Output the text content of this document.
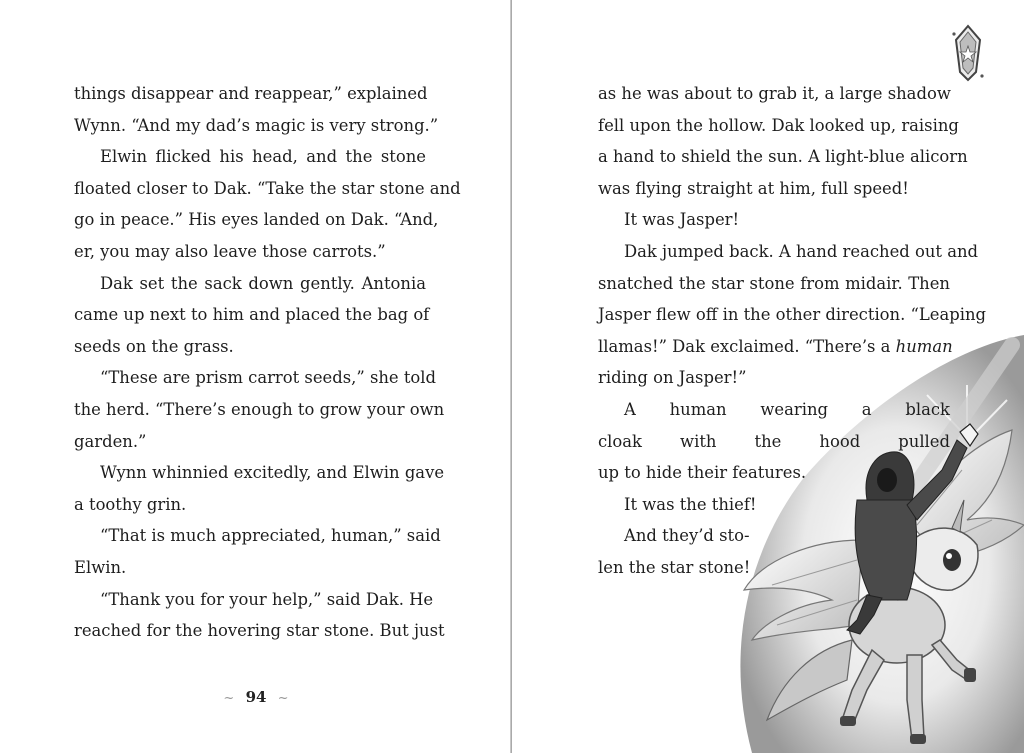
things disappear and reappear,” explained
Wynn. “And my dad’s magic is very strong.”
Elwin flicked his head, and the stone
floated closer to Dak. “Take the star stone and
go in peace.” His eyes landed on Dak. “And,
er, you may also leave those carrots.”
Dak set the sack down gently. Antonia
came up next to him and placed the bag of
seeds on the grass.
“These are prism carrot seeds,” she told
the herd. “There’s enough to grow your own
garden.”
Wynn whinnied excitedly, and Elwin gave
a toothy grin.
“That is much appreciated, human,” said
Elwin.
“Thank you for your help,” said Dak. He
reached for the hovering star stone. But just
~ 94 ~
as he was about to grab it, a large shadow
fell upon the hollow. Dak looked up, raising
a hand to shield the sun. A light-blue alicorn
was flying straight at him, full speed!
It was Jasper!
Dak jumped back. A hand reached out and
snatched the star stone from midair. Then
Jasper flew off in the other direction. “Leaping
llamas!” Dak exclaimed. “There’s a human
riding on Jasper!”
A human wearing a black
cloak with the hood pulled
up to hide their features.
It was the thief!
And they’d sto-
len the star stone!
